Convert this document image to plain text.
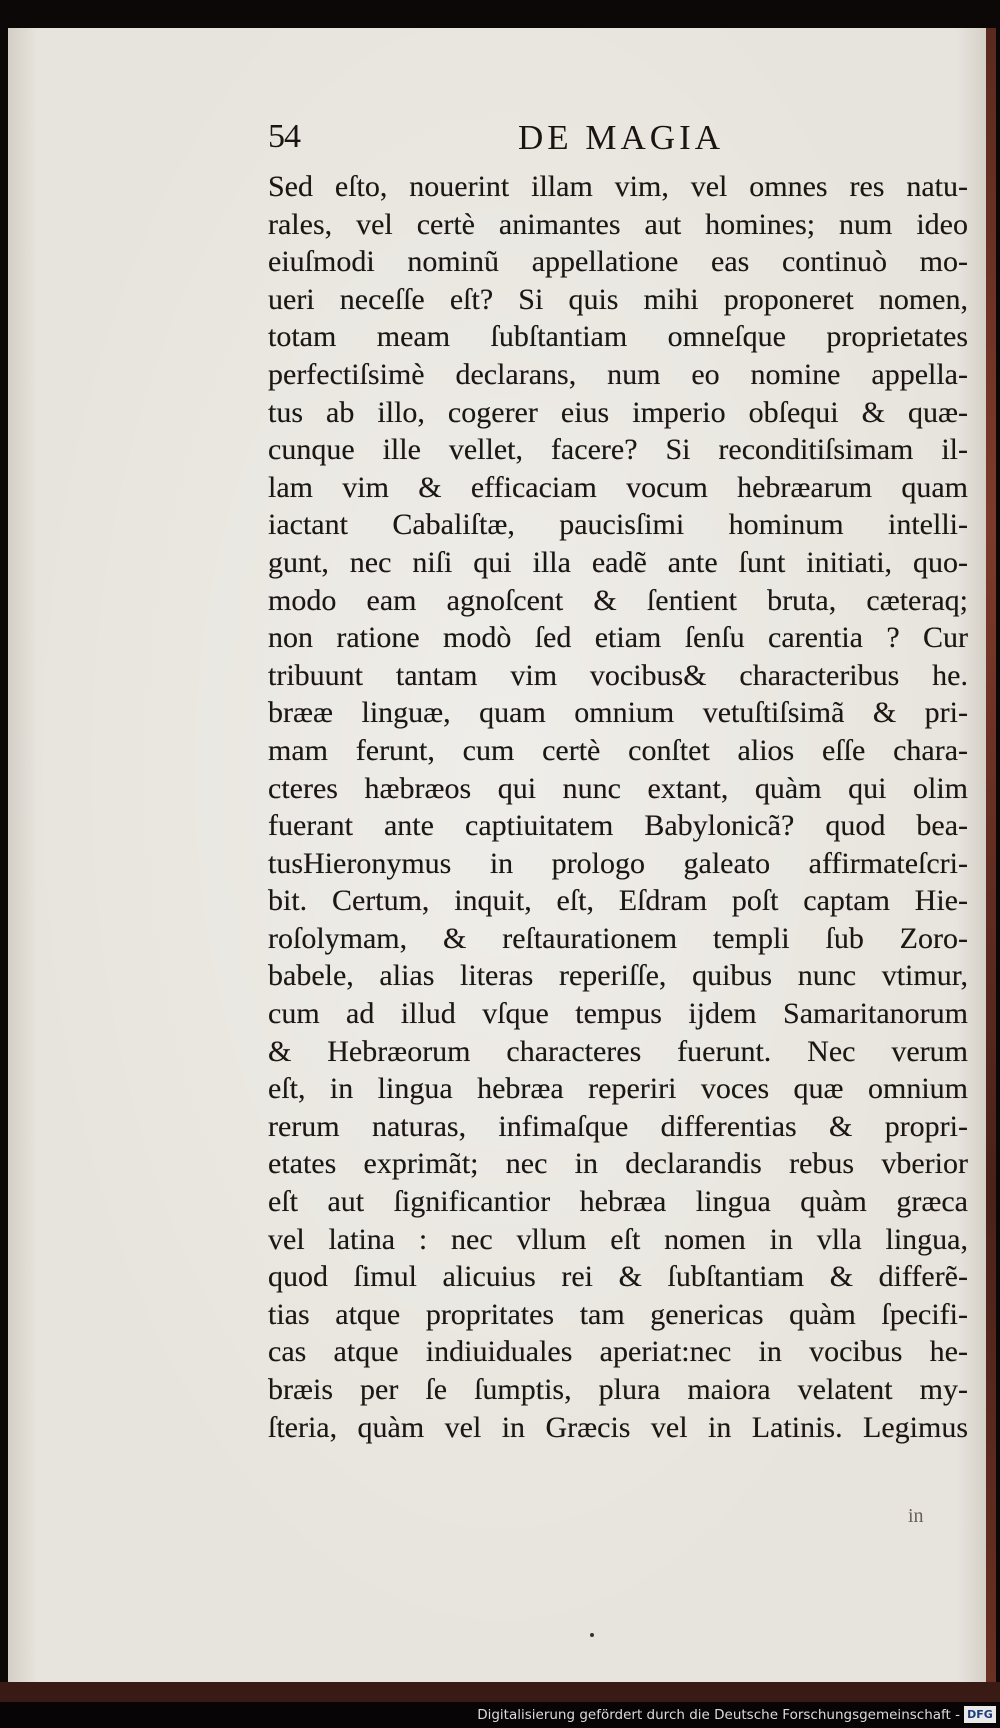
54	DE MAGIA
Sed eſto, nouerint illam vim, vel omnes res natu-
rales, vel certè animantes aut homines; num ideo
eiuſmodi nominũ appellatione eas continuò mo-
ueri neceſſe eſt? Si quis mihi proponeret nomen,
totam meam ſubſtantiam omneſque proprietates
perfectiſsimè declarans, num eo nomine appella-
tus ab illo, cogerer eius imperio obſequi & quæ-
cunque ille vellet, facere? Si reconditiſsimam il-
lam vim & efficaciam vocum hebræarum quam
iactant Cabaliſtæ, paucisſimi hominum intelli-
gunt, nec niſi qui illa eadẽ ante ſunt initiati, quo-
modo eam agnoſcent & ſentient bruta, cæteraq;
non ratione modò ſed etiam ſenſu carentia ? Cur
tribuunt tantam vim vocibus& characteribus he.
brææ linguæ, quam omnium vetuſtiſsimã & pri-
mam ferunt, cum certè conſtet alios eſſe chara-
cteres hæbræos qui nunc extant, quàm qui olim
fuerant ante captiuitatem Babylonicã? quod bea-
tusHieronymus in prologo galeato affirmateſcri-
bit. Certum, inquit, eſt, Eſdram poſt captam Hie-
roſolymam, & reſtaurationem templi ſub Zoro-
babele, alias literas reperiſſe, quibus nunc vtimur,
cum ad illud vſque tempus ijdem Samaritanorum
& Hebræorum characteres fuerunt. Nec verum
eſt, in lingua hebræa reperiri voces quæ omnium
rerum naturas, infimaſque differentias & propri-
etates exprimãt; nec in declarandis rebus vberior
eſt aut ſignificantior hebræa lingua quàm græca
vel latina : nec vllum eſt nomen in vlla lingua,
quod ſimul alicuius rei & ſubſtantiam & differẽ-
tias atque propritates tam genericas quàm ſpecifi-
cas atque indiuiduales aperiat:nec in vocibus he-
bræis per ſe ſumptis, plura maiora velatent my-
ſteria, quàm vel in Græcis vel in Latinis. Legimus
in
Digitalisierung gefördert durch die Deutsche Forschungsgemeinschaft - DFG
